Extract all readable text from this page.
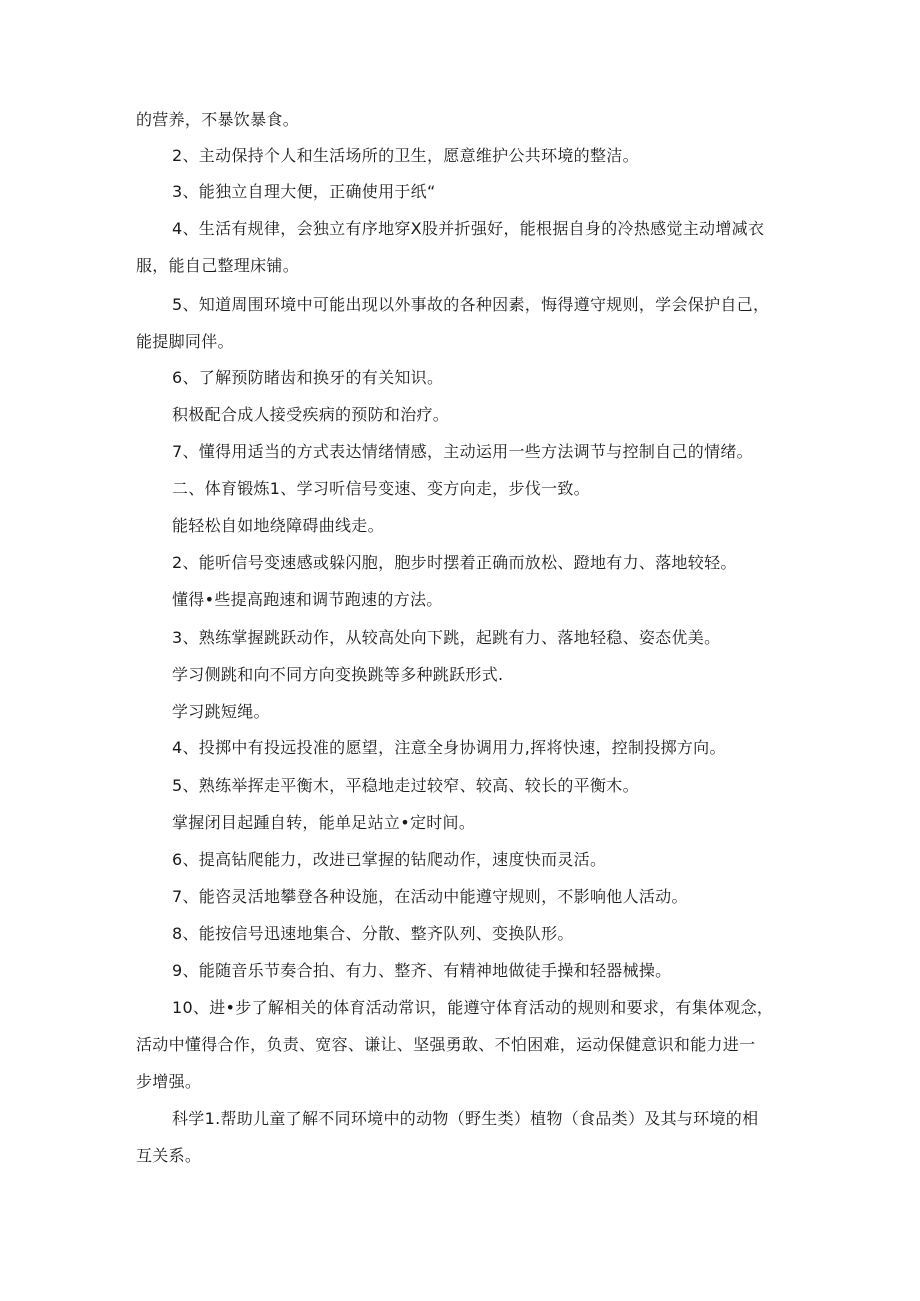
的营养，不暴饮暴食。
2、主动保持个人和生活场所的卫生，愿意维护公共环境的整洁。
3、能独立自理大便，正确使用于纸“
4、生活有规律，会独立有序地穿X股并折强好，能根据自身的冷热感觉主动增减衣
服，能自己整理床铺。
5、知道周围环境中可能出现以外事故的各种因素，悔得遵守规则，学会保护自己，
能提脚同伴。
6、了解预防睹齿和换牙的有关知识。
积极配合成人接受疾病的预防和治疗。
7、懂得用适当的方式表达情绪情感，主动运用一些方法调节与控制自己的情绪。
二、体育锻炼1、学习听信号变速、变方向走，步伐一致。
能轻松自如地绕障碍曲线走。
2、能听信号变速感或躲闪胞，胞步时摆着正确而放松、蹬地有力、落地较轻。
懂得•些提高跑速和调节跑速的方法。
3、熟练掌握跳跃动作，从较高处向下跳，起跳有力、落地轻稳、姿态优美。
学习侧跳和向不同方向变换跳等多种跳跃形式.
学习跳短绳。
4、投掷中有投远投准的愿望，注意全身协调用力,挥将快速，控制投掷方向。
5、熟练举挥走平衡木，平稳地走过较窄、较高、较长的平衡木。
掌握闭目起踵自转，能单足站立•定时间。
6、提高钻爬能力，改进已掌握的钻爬动作，速度快而灵活。
7、能咨灵活地攀登各种设施，在活动中能遵守规则，不影响他人活动。
8、能按信号迅速地集合、分散、整齐队列、变换队形。
9、能随音乐节奏合拍、有力、整齐、有精神地做徒手操和轻器械操。
10、进•步了解相关的体育活动常识，能遵守体育活动的规则和要求，有集体观念，
活动中懂得合作，负责、宽容、谦让、坚强勇敢、不怕困难，运动保健意识和能力进一
步增强。
科学1.帮助儿童了解不同环境中的动物（野生类）植物（食品类）及其与环境的相
互关系。
